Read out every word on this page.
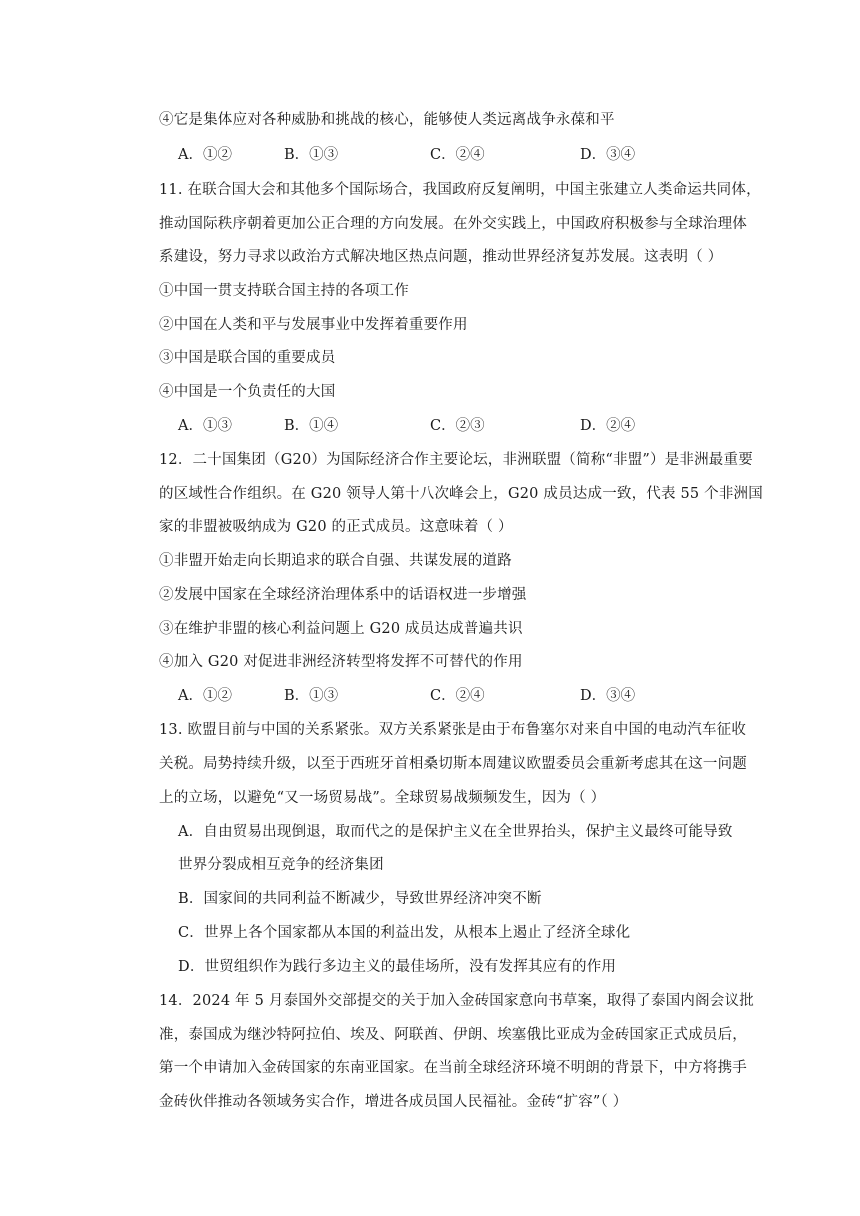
④它是集体应对各种威胁和挑战的核心，能够使人类远离战争永葆和平
A．①②	B．①③	C．②④	D．③④
11. 在联合国大会和其他多个国际场合，我国政府反复阐明，中国主张建立人类命运共同体，
推动国际秩序朝着更加公正合理的方向发展。在外交实践上，中国政府积极参与全球治理体
系建设，努力寻求以政治方式解决地区热点问题，推动世界经济复苏发展。这表明（ ）
①中国一贯支持联合国主持的各项工作
②中国在人类和平与发展事业中发挥着重要作用
③中国是联合国的重要成员
④中国是一个负责任的大国
A．①③	B．①④	C．②③	D．②④
12．二十国集团（G20）为国际经济合作主要论坛，非洲联盟（简称“非盟”）是非洲最重要
的区域性合作组织。在 G20 领导人第十八次峰会上，G20 成员达成一致，代表 55 个非洲国
家的非盟被吸纳成为 G20 的正式成员。这意味着（ ）
①非盟开始走向长期追求的联合自强、共谋发展的道路
②发展中国家在全球经济治理体系中的话语权进一步增强
③在维护非盟的核心利益问题上 G20 成员达成普遍共识
④加入 G20 对促进非洲经济转型将发挥不可替代的作用
A．①②	B．①③	C．②④	D．③④
13. 欧盟目前与中国的关系紧张。双方关系紧张是由于布鲁塞尔对来自中国的电动汽车征收
关税。局势持续升级，以至于西班牙首相桑切斯本周建议欧盟委员会重新考虑其在这一问题
上的立场，以避免“又一场贸易战”。全球贸易战频频发生，因为（ ）
A．自由贸易出现倒退，取而代之的是保护主义在全世界抬头，保护主义最终可能导致
世界分裂成相互竞争的经济集团
B．国家间的共同利益不断减少，导致世界经济冲突不断
C．世界上各个国家都从本国的利益出发，从根本上遏止了经济全球化
D．世贸组织作为践行多边主义的最佳场所，没有发挥其应有的作用
14．2024 年 5 月泰国外交部提交的关于加入金砖国家意向书草案，取得了泰国内阁会议批
准，泰国成为继沙特阿拉伯、埃及、阿联酋、伊朗、埃塞俄比亚成为金砖国家正式成员后，
第一个申请加入金砖国家的东南亚国家。在当前全球经济环境不明朗的背景下，中方将携手
金砖伙伴推动各领域务实合作，增进各成员国人民福祉。金砖“扩容”（ ）
